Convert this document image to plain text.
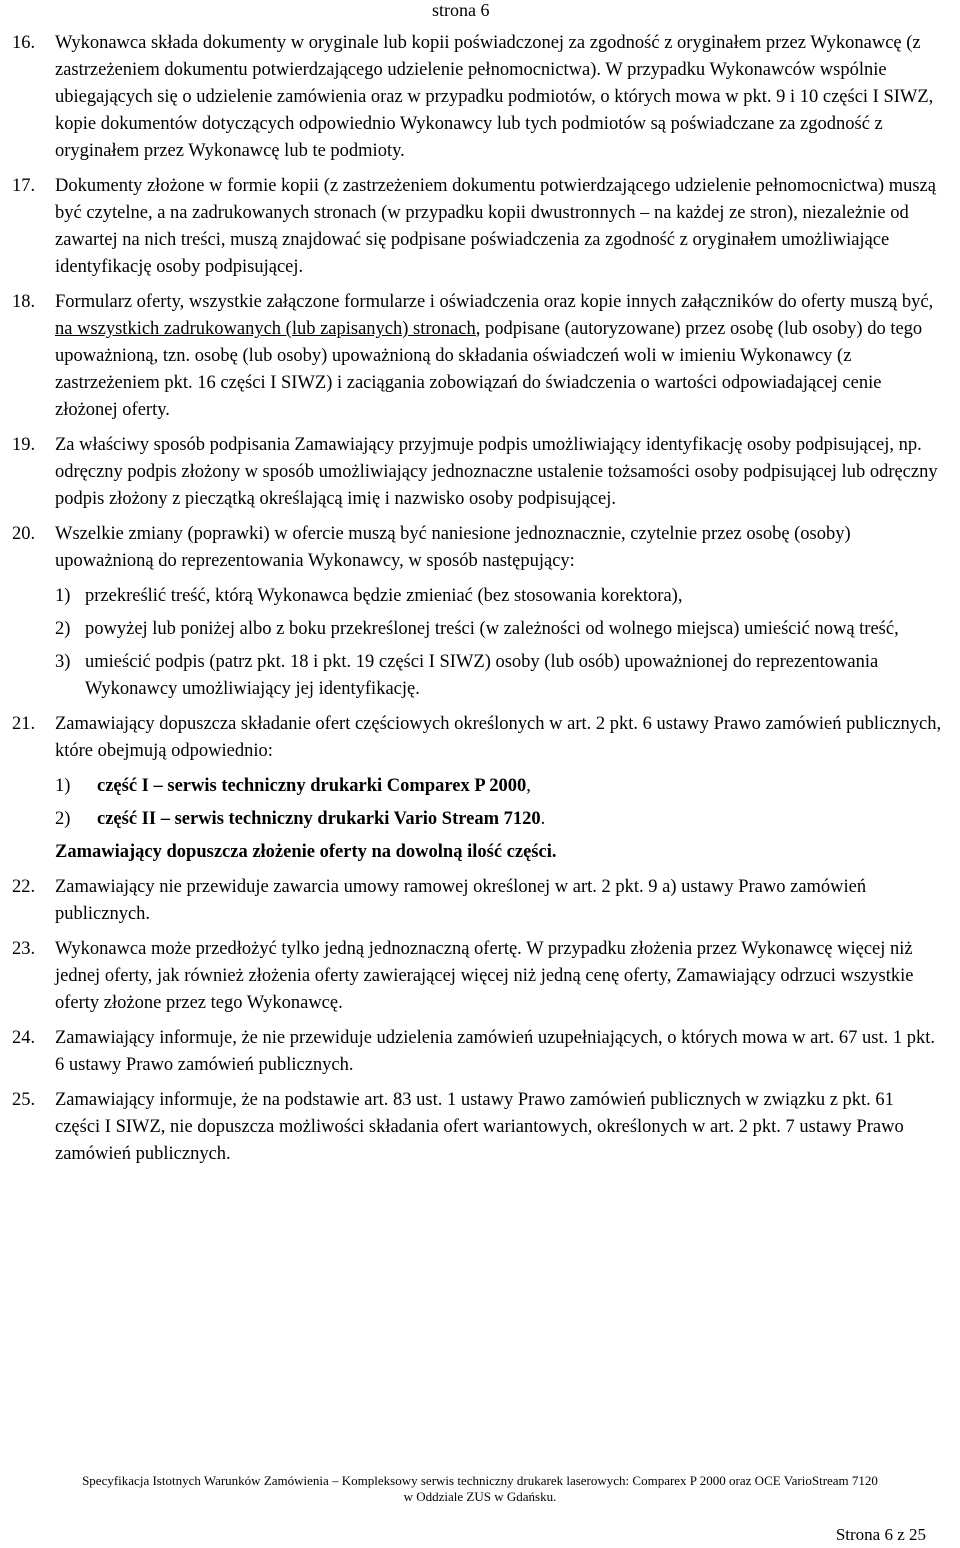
strona 6
16. Wykonawca składa dokumenty w oryginale lub kopii poświadczonej za zgodność z oryginałem przez Wykonawcę (z zastrzeżeniem dokumentu potwierdzającego udzielenie pełnomocnictwa). W przypadku Wykonawców wspólnie ubiegających się o udzielenie zamówienia oraz w przypadku podmiotów, o których mowa w pkt. 9 i 10 części I SIWZ, kopie dokumentów dotyczących odpowiednio Wykonawcy lub tych podmiotów są poświadczane za zgodność z oryginałem przez Wykonawcę lub te podmioty.

17. Dokumenty złożone w formie kopii (z zastrzeżeniem dokumentu potwierdzającego udzielenie pełnomocnictwa) muszą być czytelne, a na zadrukowanych stronach (w przypadku kopii dwustronnych – na każdej ze stron), niezależnie od zawartej na nich treści, muszą znajdować się podpisane poświadczenia za zgodność z oryginałem umożliwiające identyfikację osoby podpisującej.

18. Formularz oferty, wszystkie załączone formularze i oświadczenia oraz kopie innych załączników do oferty muszą być, na wszystkich zadrukowanych (lub zapisanych) stronach, podpisane (autoryzowane) przez osobę (lub osoby) do tego upoważnioną, tzn. osobę (lub osoby) upoważnioną do składania oświadczeń woli w imieniu Wykonawcy (z zastrzeżeniem pkt. 16 części I SIWZ) i zaciągania zobowiązań do świadczenia o wartości odpowiadającej cenie złożonej oferty.

19. Za właściwy sposób podpisania Zamawiający przyjmuje podpis umożliwiający identyfikację osoby podpisującej, np. odręczny podpis złożony w sposób umożliwiający jednoznaczne ustalenie tożsamości osoby podpisującej lub odręczny podpis złożony z pieczątką określającą imię i nazwisko osoby podpisującej.

20. Wszelkie zmiany (poprawki) w ofercie muszą być naniesione jednoznacznie, czytelnie przez osobę (osoby) upoważnioną do reprezentowania Wykonawcy, w sposób następujący:

1) przekreślić treść, którą Wykonawca będzie zmieniać (bez stosowania korektora),
2) powyżej lub poniżej albo z boku przekreślonej treści (w zależności od wolnego miejsca) umieścić nową treść,
3) umieścić podpis (patrz pkt. 18 i pkt. 19 części I SIWZ) osoby (lub osób) upoważnionej do reprezentowania Wykonawcy umożliwiający jej identyfikację.
21. Zamawiający dopuszcza składanie ofert częściowych określonych w art. 2 pkt. 6 ustawy Prawo zamówień publicznych, które obejmują odpowiednio:

1) część I – serwis techniczny drukarki Comparex P 2000,
2) część II – serwis techniczny drukarki Vario Stream 7120.

Zamawiający dopuszcza złożenie oferty na dowolną ilość części.

22. Zamawiający nie przewiduje zawarcia umowy ramowej określonej w art. 2 pkt. 9 a) ustawy Prawo zamówień publicznych.

23. Wykonawca może przedłożyć tylko jedną jednoznaczną ofertę. W przypadku złożenia przez Wykonawcę więcej niż jednej oferty, jak również złożenia oferty zawierającej więcej niż jedną cenę oferty, Zamawiający odrzuci wszystkie oferty złożone przez tego Wykonawcę.

24. Zamawiający informuje, że nie przewiduje udzielenia zamówień uzupełniających, o których mowa w art. 67 ust. 1 pkt. 6 ustawy Prawo zamówień publicznych.

25. Zamawiający informuje, że na podstawie art. 83 ust. 1 ustawy Prawo zamówień publicznych w związku z pkt. 61 części I SIWZ, nie dopuszcza możliwości składania ofert wariantowych, określonych w art. 2 pkt. 7 ustawy Prawo zamówień publicznych.

Specyfikacja Istotnych Warunków Zamówienia – Kompleksowy serwis techniczny drukarek laserowych: Comparex P 2000 oraz OCE VarioStream 7120
w Oddziale ZUS w Gdańsku.
Strona 6 z 25
